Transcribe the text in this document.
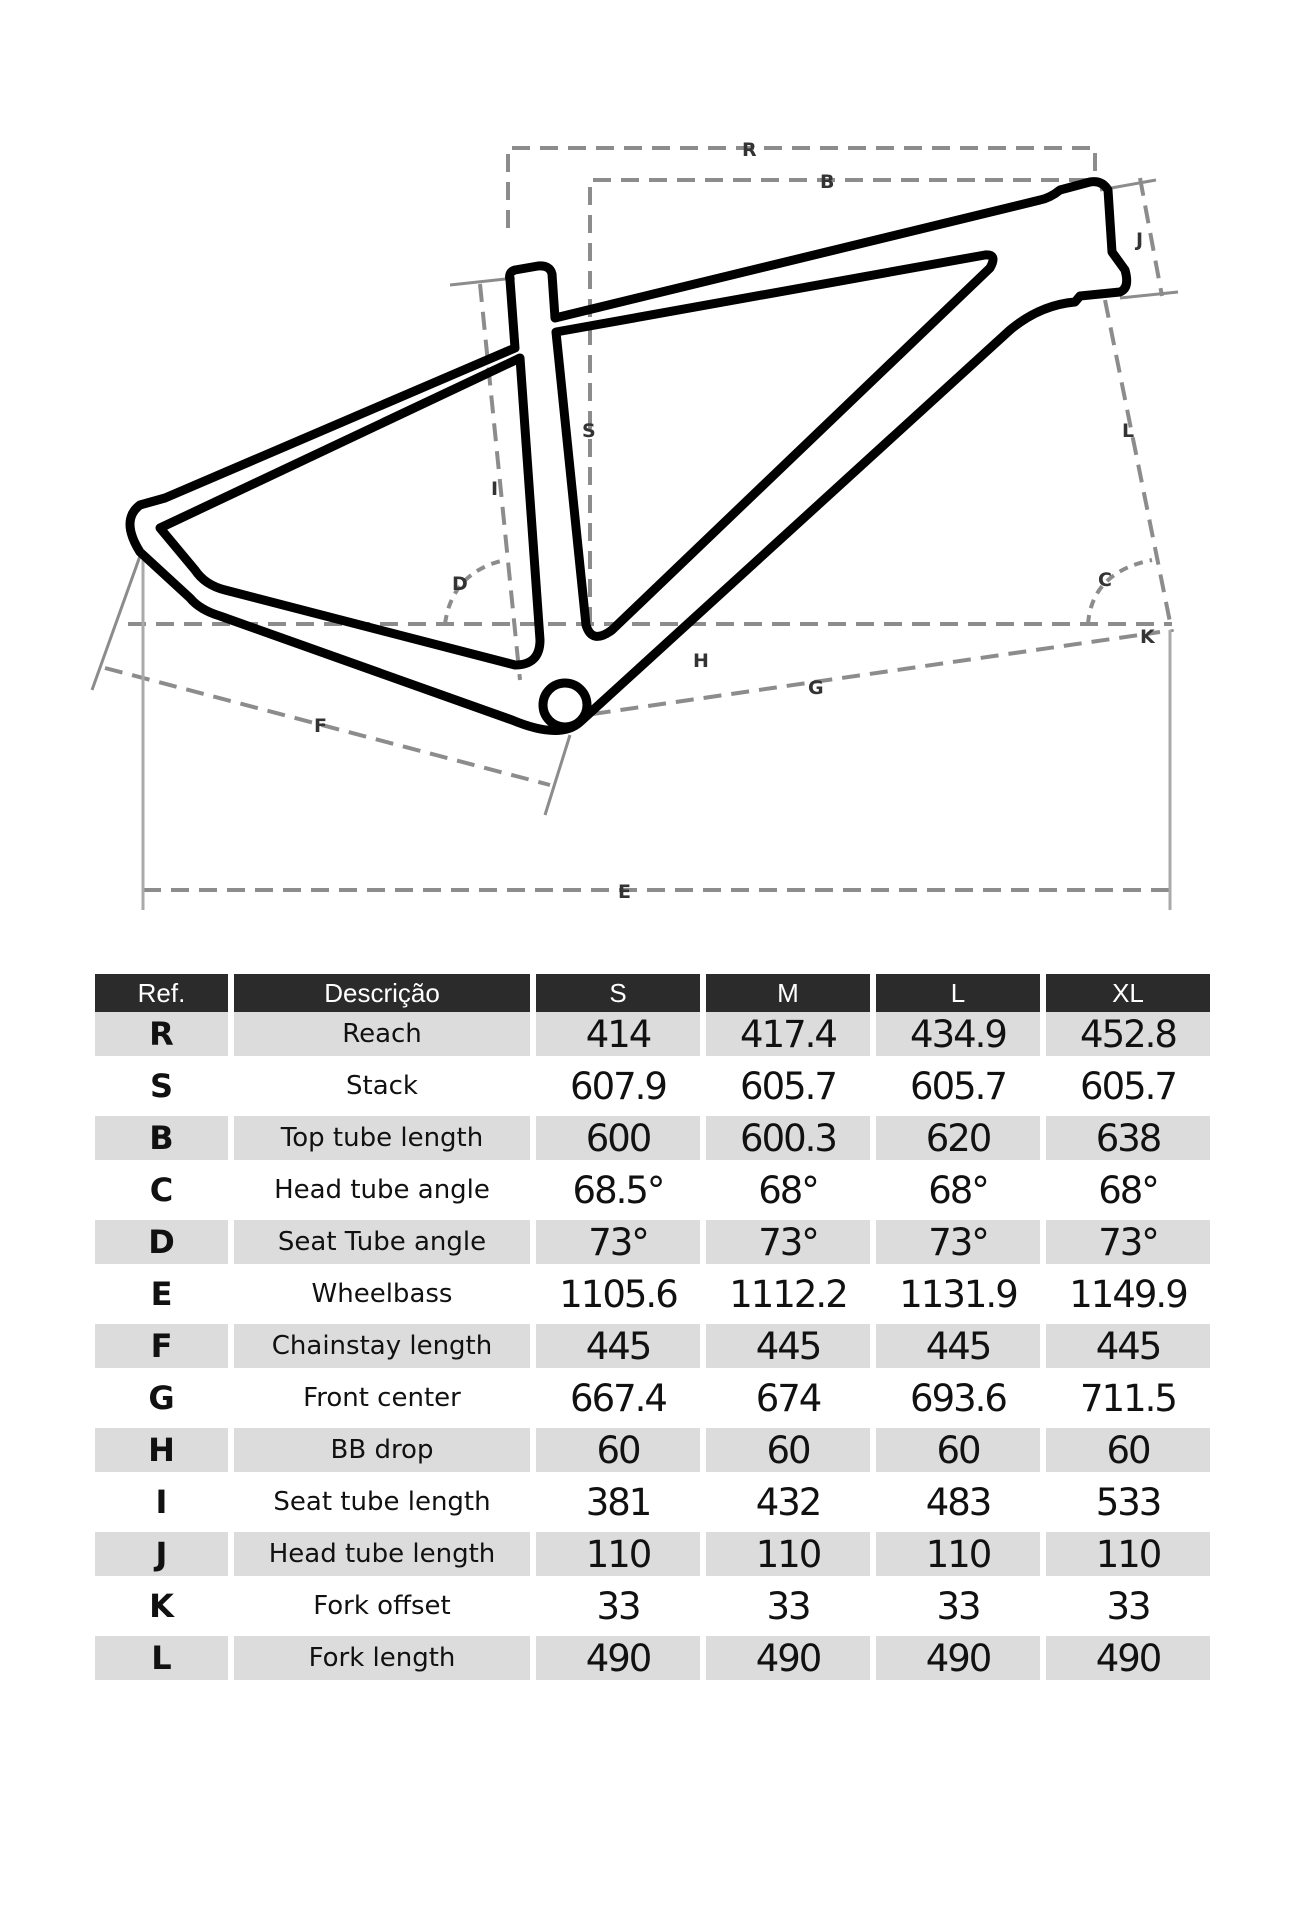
R
B
J
S	L
I
D	C
H
K
G
F
E
Ref.	Descrição	S	M	L	XL
R	Reach	414	417.4	434.9	452.8
S	Stack	607.9	605.7	605.7	605.7
B	Top tube length	600	600.3	620	638
C	Head tube angle	68.5°	68°	68°	68°
D	Seat Tube angle	73°	73°	73°	73°
E	Wheelbass	1105.6	1112.2	1131.9	1149.9
F	Chainstay length	445	445	445	445
G	Front center	667.4	674	693.6	711.5
H	BB drop	60	60	60	60
I	Seat tube length	381	432	483	533
J	Head tube length	110	110	110	110
K	Fork offset	33	33	33	33
L	Fork length	490	490	490	490
